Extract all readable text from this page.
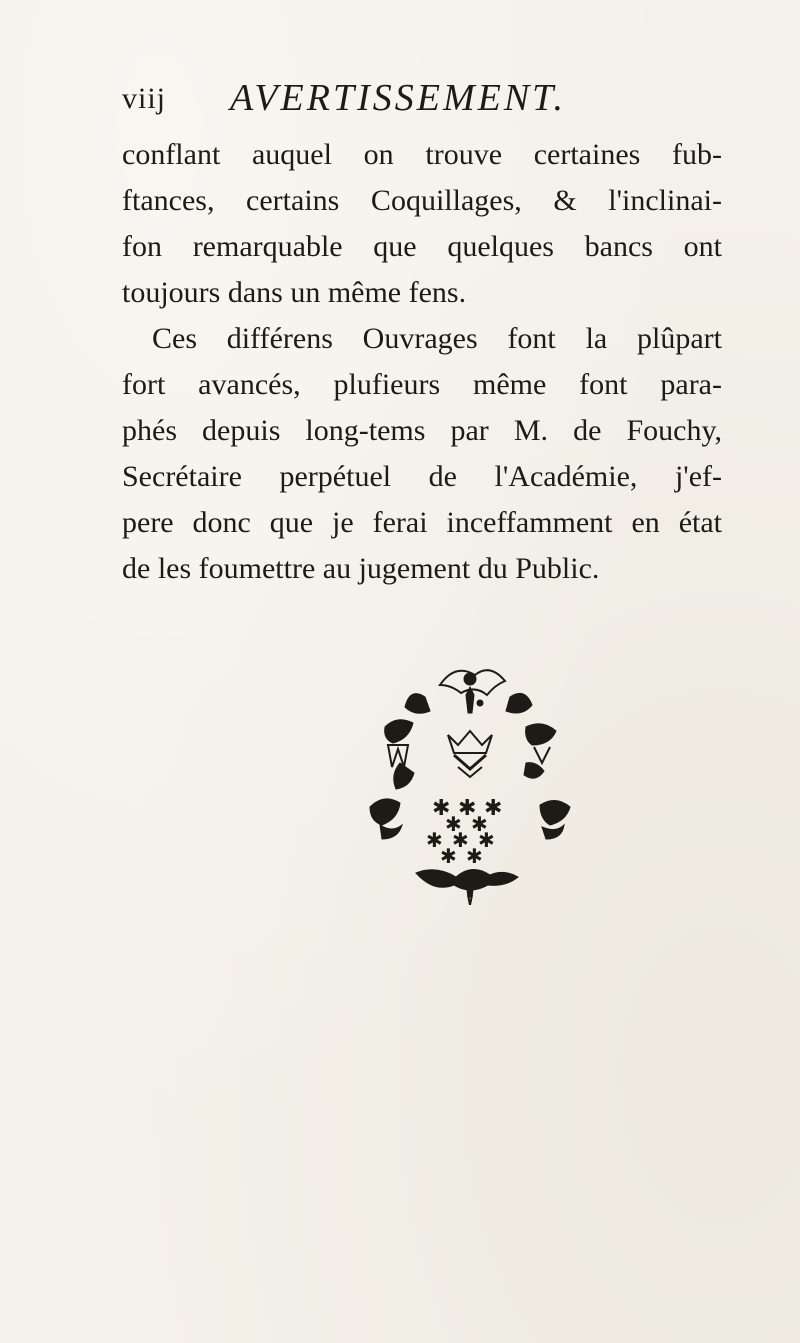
viij AVERTISSEMENT.
conflant auquel on trouve certaines fub-
ftances, certains Coquillages, & l'inclinai-
fon remarquable que quelques bancs ont
toujours dans un même fens.
Ces différens Ouvrages font la plûpart
fort avancés, plufieurs même font para-
phés depuis long-tems par M. de Fouchy,
Secrétaire perpétuel de l'Académie, j'ef-
pere donc que je ferai inceffamment en état
de les foumettre au jugement du Public.
✱ ✱ ✱
✱ ✱
✱ ✱ ✱
✱ ✱
